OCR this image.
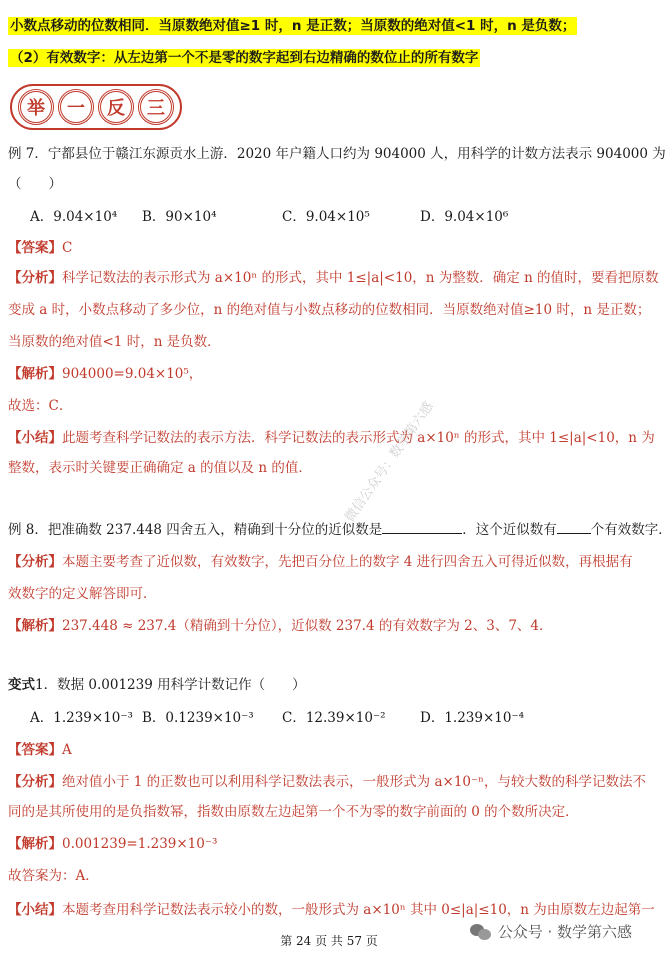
小数点移动的位数相同．当原数绝对值≥1 时，n 是正数；当原数的绝对值<1 时，n 是负数；
（2）有效数字：从左边第一个不是零的数字起到右边精确的数位止的所有数字
举	一	反	三
例 7．宁都县位于赣江东源贡水上游．2020 年户籍人口约为 904000 人，用科学的计数方法表示 904000 为
（　　）
A．9.04×10⁴ B．90×10⁴	C．9.04×10⁵	D．9.04×10⁶
【答案】C
【分析】科学记数法的表示形式为 a×10ⁿ 的形式，其中 1≤|a|<10，n 为整数．确定 n 的值时，要看把原数
变成 a 时，小数点移动了多少位，n 的绝对值与小数点移动的位数相同．当原数绝对值≥10 时，n 是正数；
当原数的绝对值<1 时，n 是负数．
【解析】904000=9.04×10⁵，
故选：C．
【小结】此题考查科学记数法的表示方法．科学记数法的表示形式为 a×10ⁿ 的形式，其中 1≤|a|<10，n 为
整数，表示时关键要正确确定 a 的值以及 n 的值．
例 8．把准确数 237.448 四舍五入，精确到十分位的近似数是	．这个近似数有	个有效数字．
【分析】本题主要考查了近似数，有效数字，先把百分位上的数字 4 进行四舍五入可得近似数，再根据有
效数字的定义解答即可．
【解析】237.448 ≈ 237.4（精确到十分位），近似数 237.4 的有效数字为 2、3、7、4．
变式1．数据 0.001239 用科学计数记作（　　）
A．1.239×10⁻³ B．0.1239×10⁻³ C．12.39×10⁻²	D．1.239×10⁻⁴
【答案】A
【分析】绝对值小于 1 的正数也可以利用科学记数法表示，一般形式为 a×10⁻ⁿ，与较大数的科学记数法不
同的是其所使用的是负指数幂，指数由原数左边起第一个不为零的数字前面的 0 的个数所决定．
【解析】0.001239=1.239×10⁻³
故答案为：A．
【小结】本题考查用科学记数法表示较小的数，一般形式为 a×10ⁿ 其中 0≤|a|≤10，n 为由原数左边起第一
微信公众号：数学第六感
第 24 页 共 57 页	公众号 · 数学第六感
